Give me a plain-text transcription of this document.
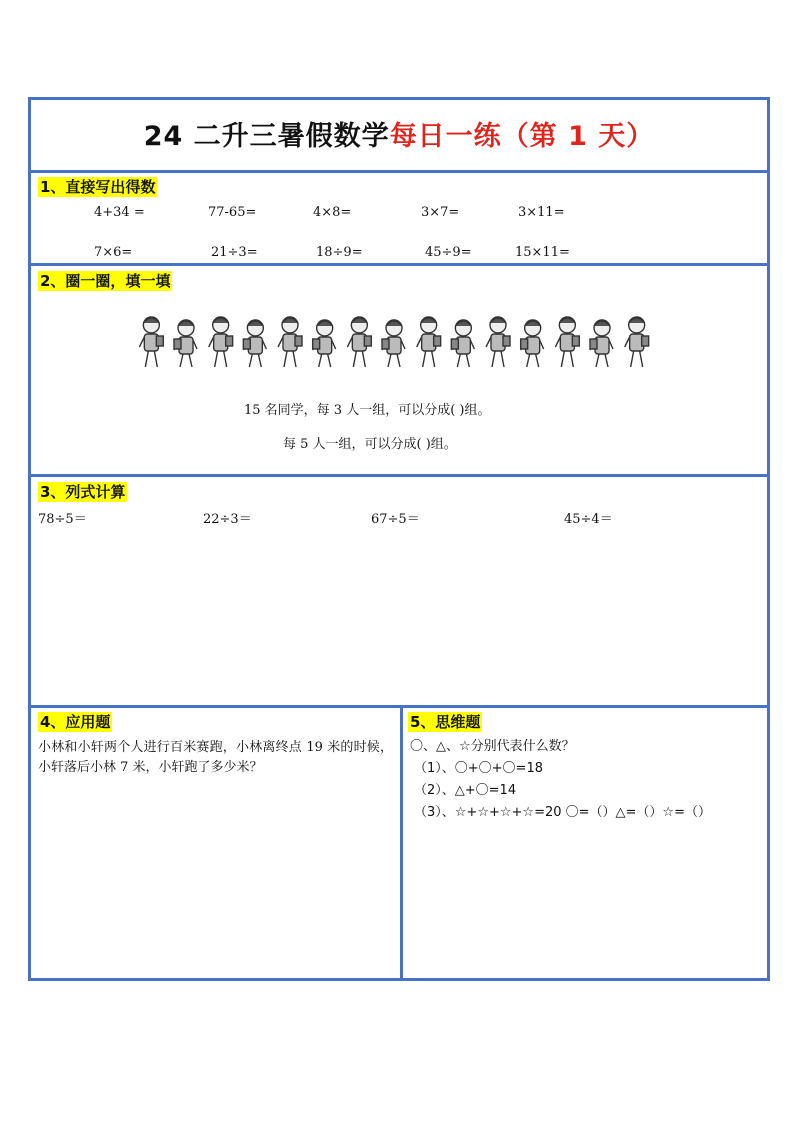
24 二升三暑假数学每日一练（第 1 天）
1、直接写出得数
4+34 =	77-65=	4×8=	3×7=	3×11=
7×6=	21÷3=	18÷9=	45÷9=	15×11=
2、圈一圈，填一填
15 名同学，每 3 人一组，可以分成( )组。
每 5 人一组，可以分成( )组。
3、列式计算
78÷5＝	22÷3＝	67÷5＝	45÷4＝
4、应用题
小林和小轩两个人进行百米赛跑，小林离终点 19 米的时候，小轩落后小林 7 米，小轩跑了多少米？
5、思维题
〇、△、☆分别代表什么数？
（1）、〇+〇+〇=18
（2）、△+〇=14
（3）、☆+☆+☆+☆=20 〇=（）△=（）☆=（）
